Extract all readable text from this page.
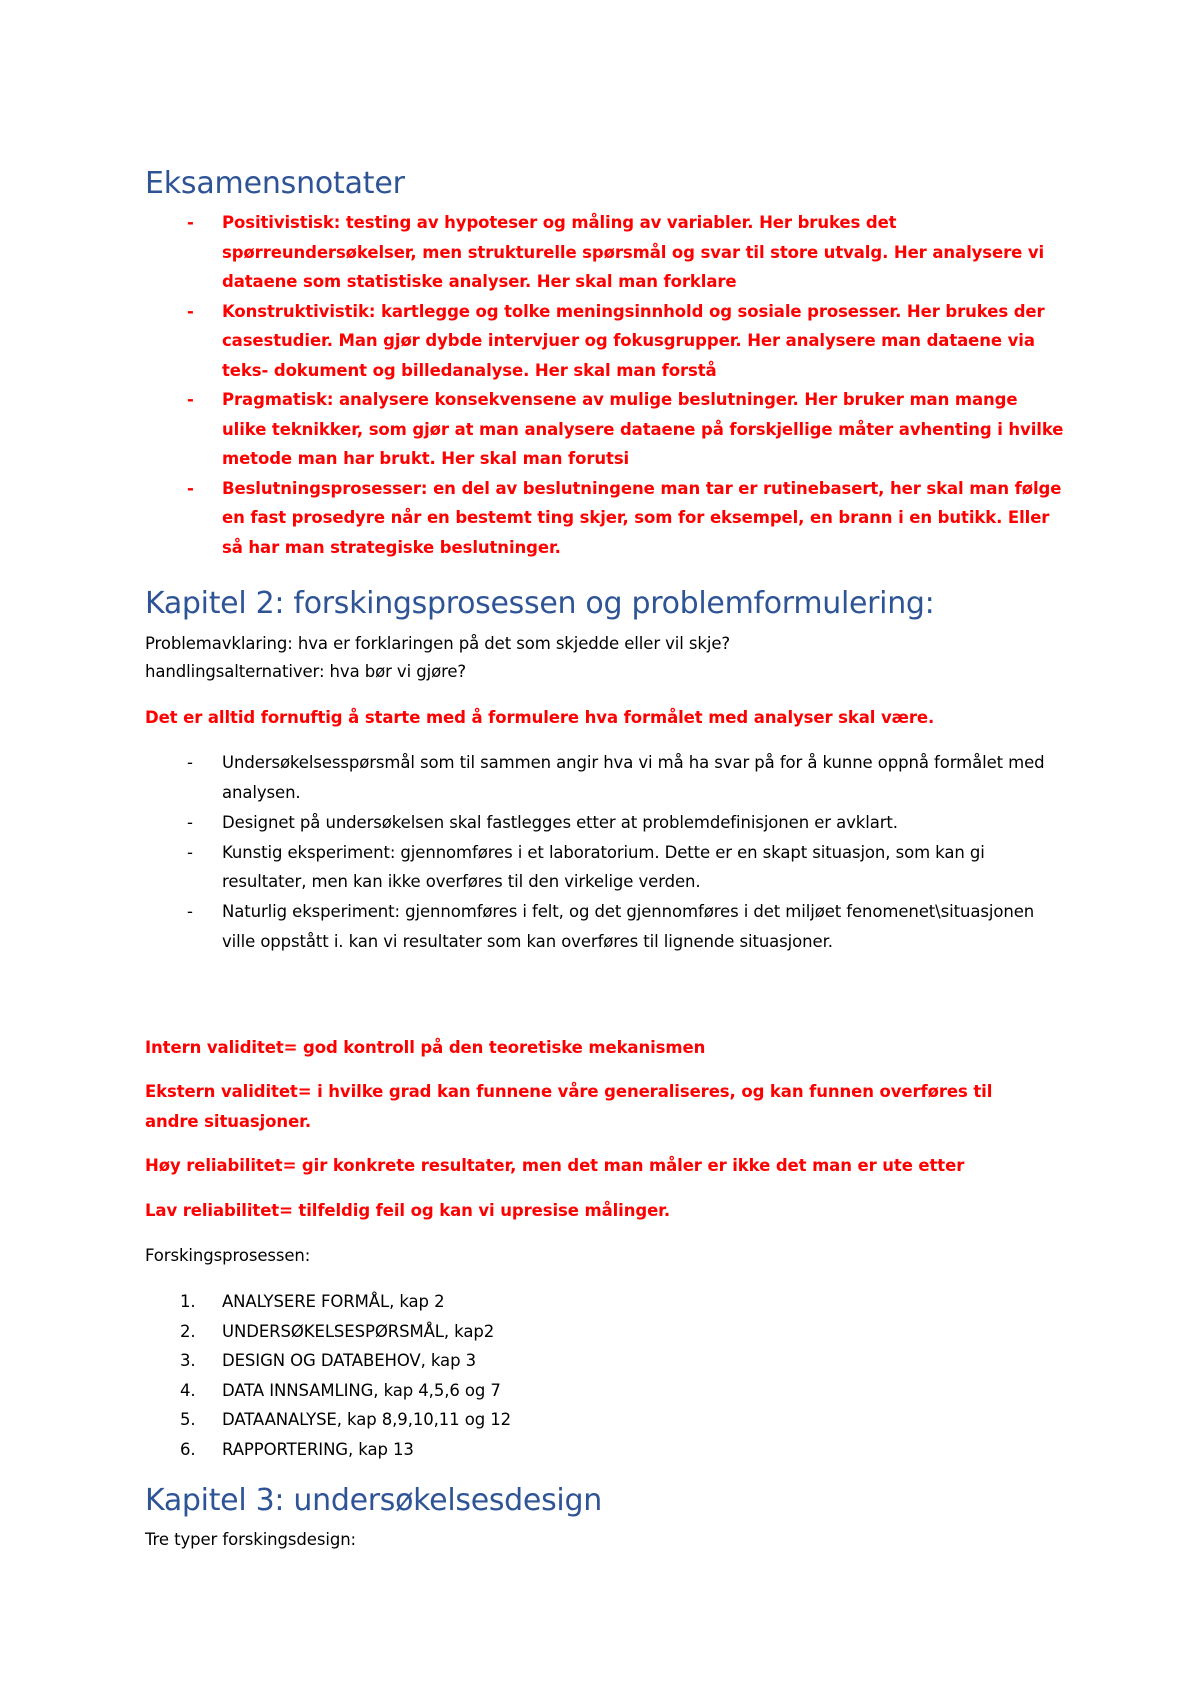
Eksamensnotater
- Positivistisk: testing av hypoteser og måling av variabler. Her brukes det spørreundersøkelser, men strukturelle spørsmål og svar til store utvalg. Her analysere vi dataene som statistiske analyser. Her skal man forklare
- Konstruktivistik: kartlegge og tolke meningsinnhold og sosiale prosesser. Her brukes der casestudier. Man gjør dybde intervjuer og fokusgrupper. Her analysere man dataene via teks- dokument og billedanalyse. Her skal man forstå
- Pragmatisk: analysere konsekvensene av mulige beslutninger. Her bruker man mange ulike teknikker, som gjør at man analysere dataene på forskjellige måter avhenting i hvilke metode man har brukt. Her skal man forutsi
- Beslutningsprosesser: en del av beslutningene man tar er rutinebasert, her skal man følge en fast prosedyre når en bestemt ting skjer, som for eksempel, en brann i en butikk. Eller så har man strategiske beslutninger.
Kapitel 2: forskingsprosessen og problemformulering:
Problemavklaring: hva er forklaringen på det som skjedde eller vil skje?
handlingsalternativer: hva bør vi gjøre?
Det er alltid fornuftig å starte med å formulere hva formålet med analyser skal være.
- Undersøkelsesspørsmål som til sammen angir hva vi må ha svar på for å kunne oppnå formålet med analysen.
- Designet på undersøkelsen skal fastlegges etter at problemdefinisjonen er avklart.
- Kunstig eksperiment: gjennomføres i et laboratorium. Dette er en skapt situasjon, som kan gi resultater, men kan ikke overføres til den virkelige verden.
- Naturlig eksperiment: gjennomføres i felt, og det gjennomføres i det miljøet fenomenet\situasjonen ville oppstått i. kan vi resultater som kan overføres til lignende situasjoner.
Intern validitet= god kontroll på den teoretiske mekanismen
Ekstern validitet= i hvilke grad kan funnene våre generaliseres, og kan funnen overføres til andre situasjoner.
Høy reliabilitet= gir konkrete resultater, men det man måler er ikke det man er ute etter
Lav reliabilitet= tilfeldig feil og kan vi upresise målinger.
Forskingsprosessen:
1. ANALYSERE FORMÅL, kap 2
2. UNDERSØKELSESPØRSMÅL, kap2
3. DESIGN OG DATABEHOV, kap 3
4. DATA INNSAMLING, kap 4,5,6 og 7
5. DATAANALYSE, kap 8,9,10,11 og 12
6. RAPPORTERING, kap 13
Kapitel 3: undersøkelsesdesign
Tre typer forskingsdesign:
